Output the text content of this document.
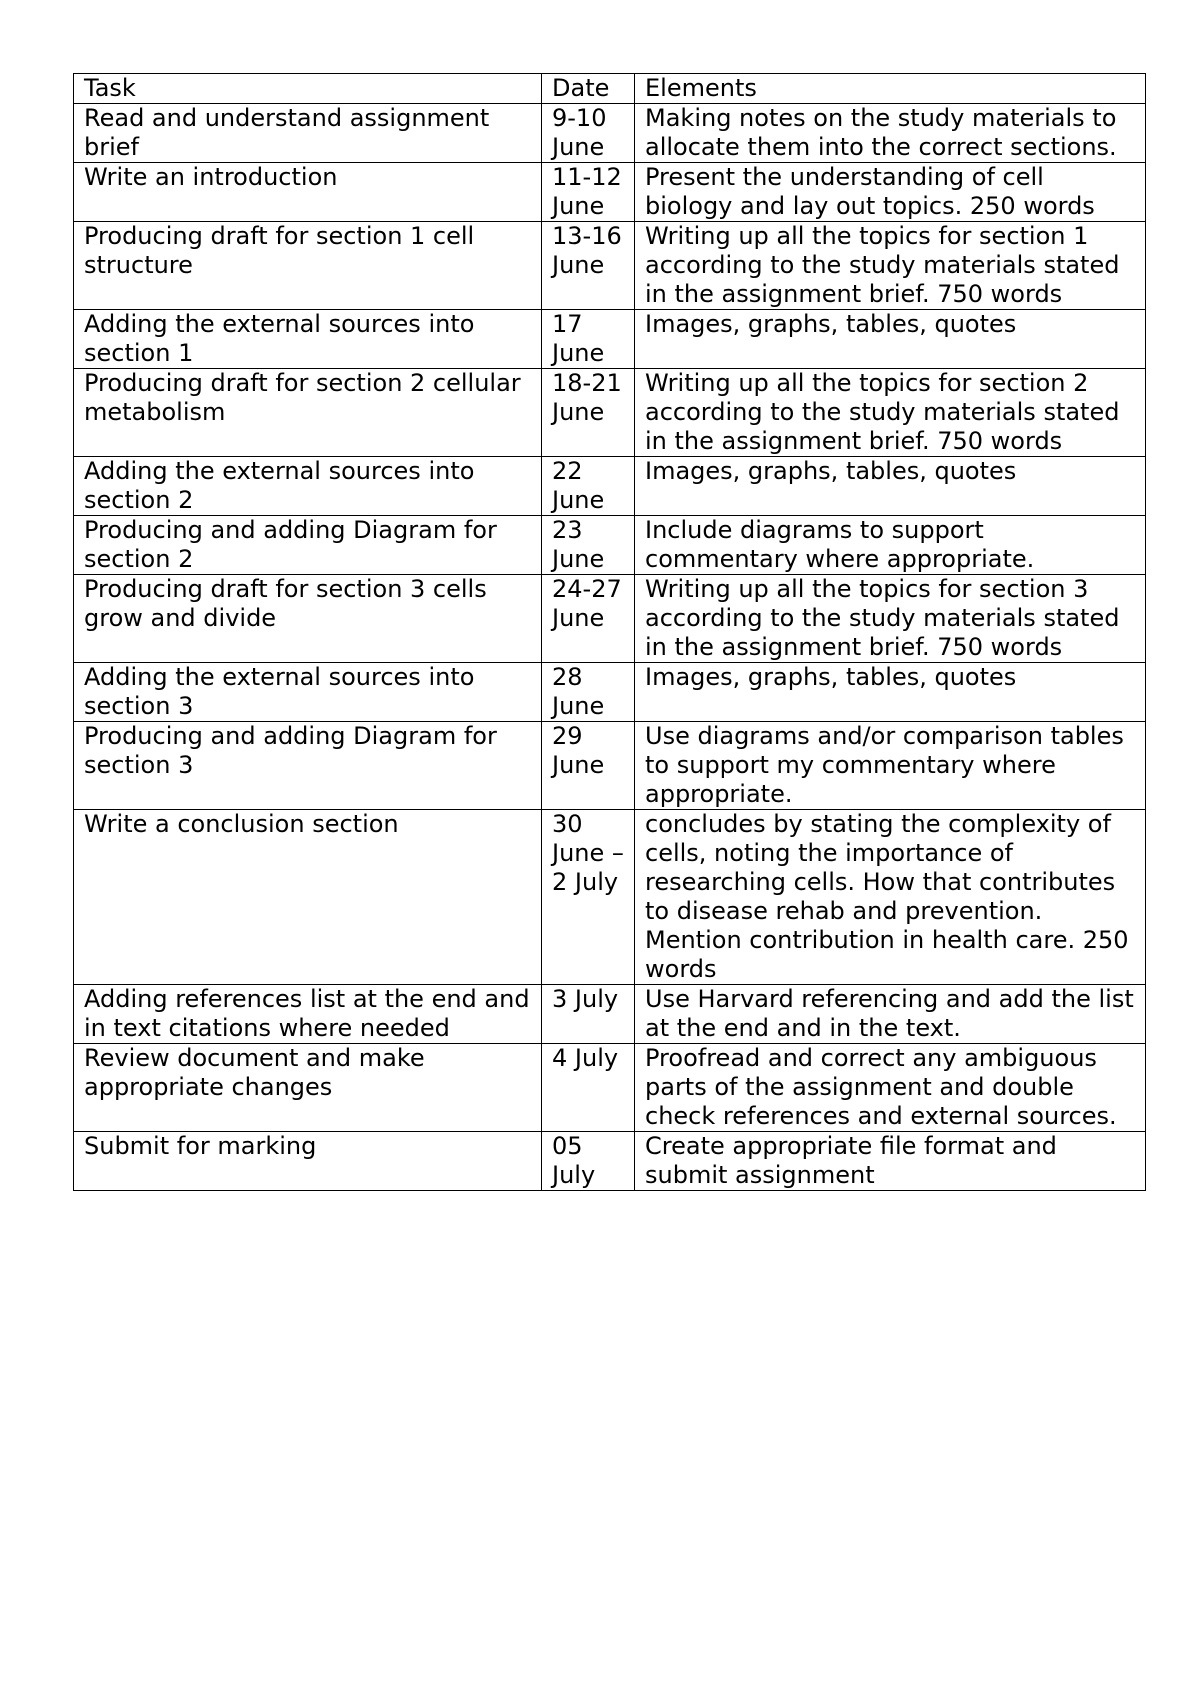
Task	Date	Elements
Read and understand assignment brief	9-10 June	Making notes on the study materials to allocate them into the correct sections.
Write an introduction	11-12 June	Present the understanding of cell biology and lay out topics. 250 words
Producing draft for section 1 cell structure	13-16 June	Writing up all the topics for section 1 according to the study materials stated in the assignment brief. 750 words
Adding the external sources into section 1	17 June	Images, graphs, tables, quotes
Producing draft for section 2 cellular metabolism	18-21 June	Writing up all the topics for section 2 according to the study materials stated in the assignment brief. 750 words
Adding the external sources into section 2	22 June	Images, graphs, tables, quotes
Producing and adding Diagram for section 2	23 June	Include diagrams to support commentary where appropriate.
Producing draft for section 3 cells grow and divide	24-27 June	Writing up all the topics for section 3 according to the study materials stated in the assignment brief. 750 words

Adding the external sources into section 3	28 June	Images, graphs, tables, quotes
Producing and adding Diagram for section 3	29 June	Use diagrams and/or comparison tables to support my commentary where appropriate.
Write a conclusion section	30 June – 2 July	concludes by stating the complexity of cells, noting the importance of researching cells. How that contributes to disease rehab and prevention. Mention contribution in health care. 250 words
Adding references list at the end and in text citations where needed	3 July	Use Harvard referencing and add the list at the end and in the text.
Review document and make appropriate changes	4 July	Proofread and correct any ambiguous parts of the assignment and double check references and external sources.

Submit for marking	05 July	Create appropriate file format and submit assignment
